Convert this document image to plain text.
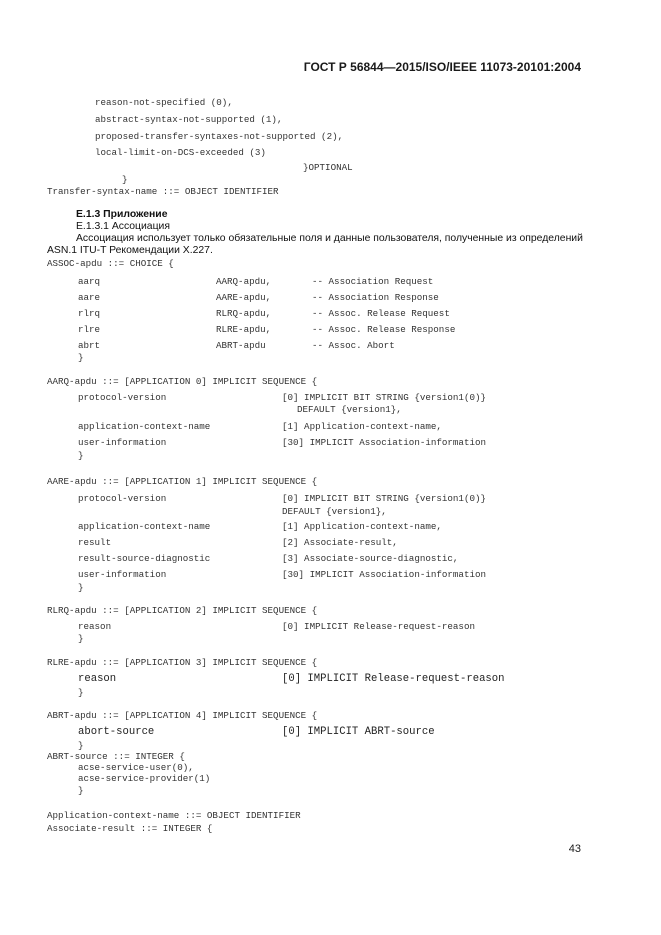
ГОСТ Р 56844—2015/ISO/IEEE 11073-20101:2004
reason-not-specified (0),
abstract-syntax-not-supported (1),
proposed-transfer-syntaxes-not-supported (2),
local-limit-on-DCS-exceeded (3)
}OPTIONAL
}
Transfer-syntax-name ::= OBJECT IDENTIFIER
E.1.3 Приложение
E.1.3.1 Ассоциация
Ассоциация использует только обязательные поля и данные пользователя, полученные из определений ASN.1 ITU-T Рекомендации X.227.
ASSOC-apdu ::= CHOICE {
aarq	AARQ-apdu,	-- Association Request
aare	AARE-apdu,	-- Association Response
rlrq	RLRQ-apdu,	-- Assoc. Release Request
rlre	RLRE-apdu,	-- Assoc. Release Response
abrt	ABRT-apdu	-- Assoc. Abort
}
AARQ-apdu ::= [APPLICATION 0] IMPLICIT SEQUENCE {
protocol-version	[0] IMPLICIT BIT STRING {version1(0)}
DEFAULT {version1},
application-context-name	[1] Application-context-name,
user-information	[30] IMPLICIT Association-information
}
AARE-apdu ::= [APPLICATION 1] IMPLICIT SEQUENCE {
protocol-version	[0] IMPLICIT BIT STRING {version1(0)}
DEFAULT {version1},
application-context-name	[1] Application-context-name,
result	[2] Associate-result,
result-source-diagnostic	[3] Associate-source-diagnostic,
user-information	[30] IMPLICIT Association-information
}
RLRQ-apdu ::= [APPLICATION 2] IMPLICIT SEQUENCE {
reason	[0] IMPLICIT Release-request-reason
}
RLRE-apdu ::= [APPLICATION 3] IMPLICIT SEQUENCE {
reason	[0] IMPLICIT Release-request-reason
}
ABRT-apdu ::= [APPLICATION 4] IMPLICIT SEQUENCE {
abort-source	[0] IMPLICIT ABRT-source
}
ABRT-source ::= INTEGER {
acse-service-user(0),
acse-service-provider(1)
}
Application-context-name ::= OBJECT IDENTIFIER
Associate-result ::= INTEGER {
43
